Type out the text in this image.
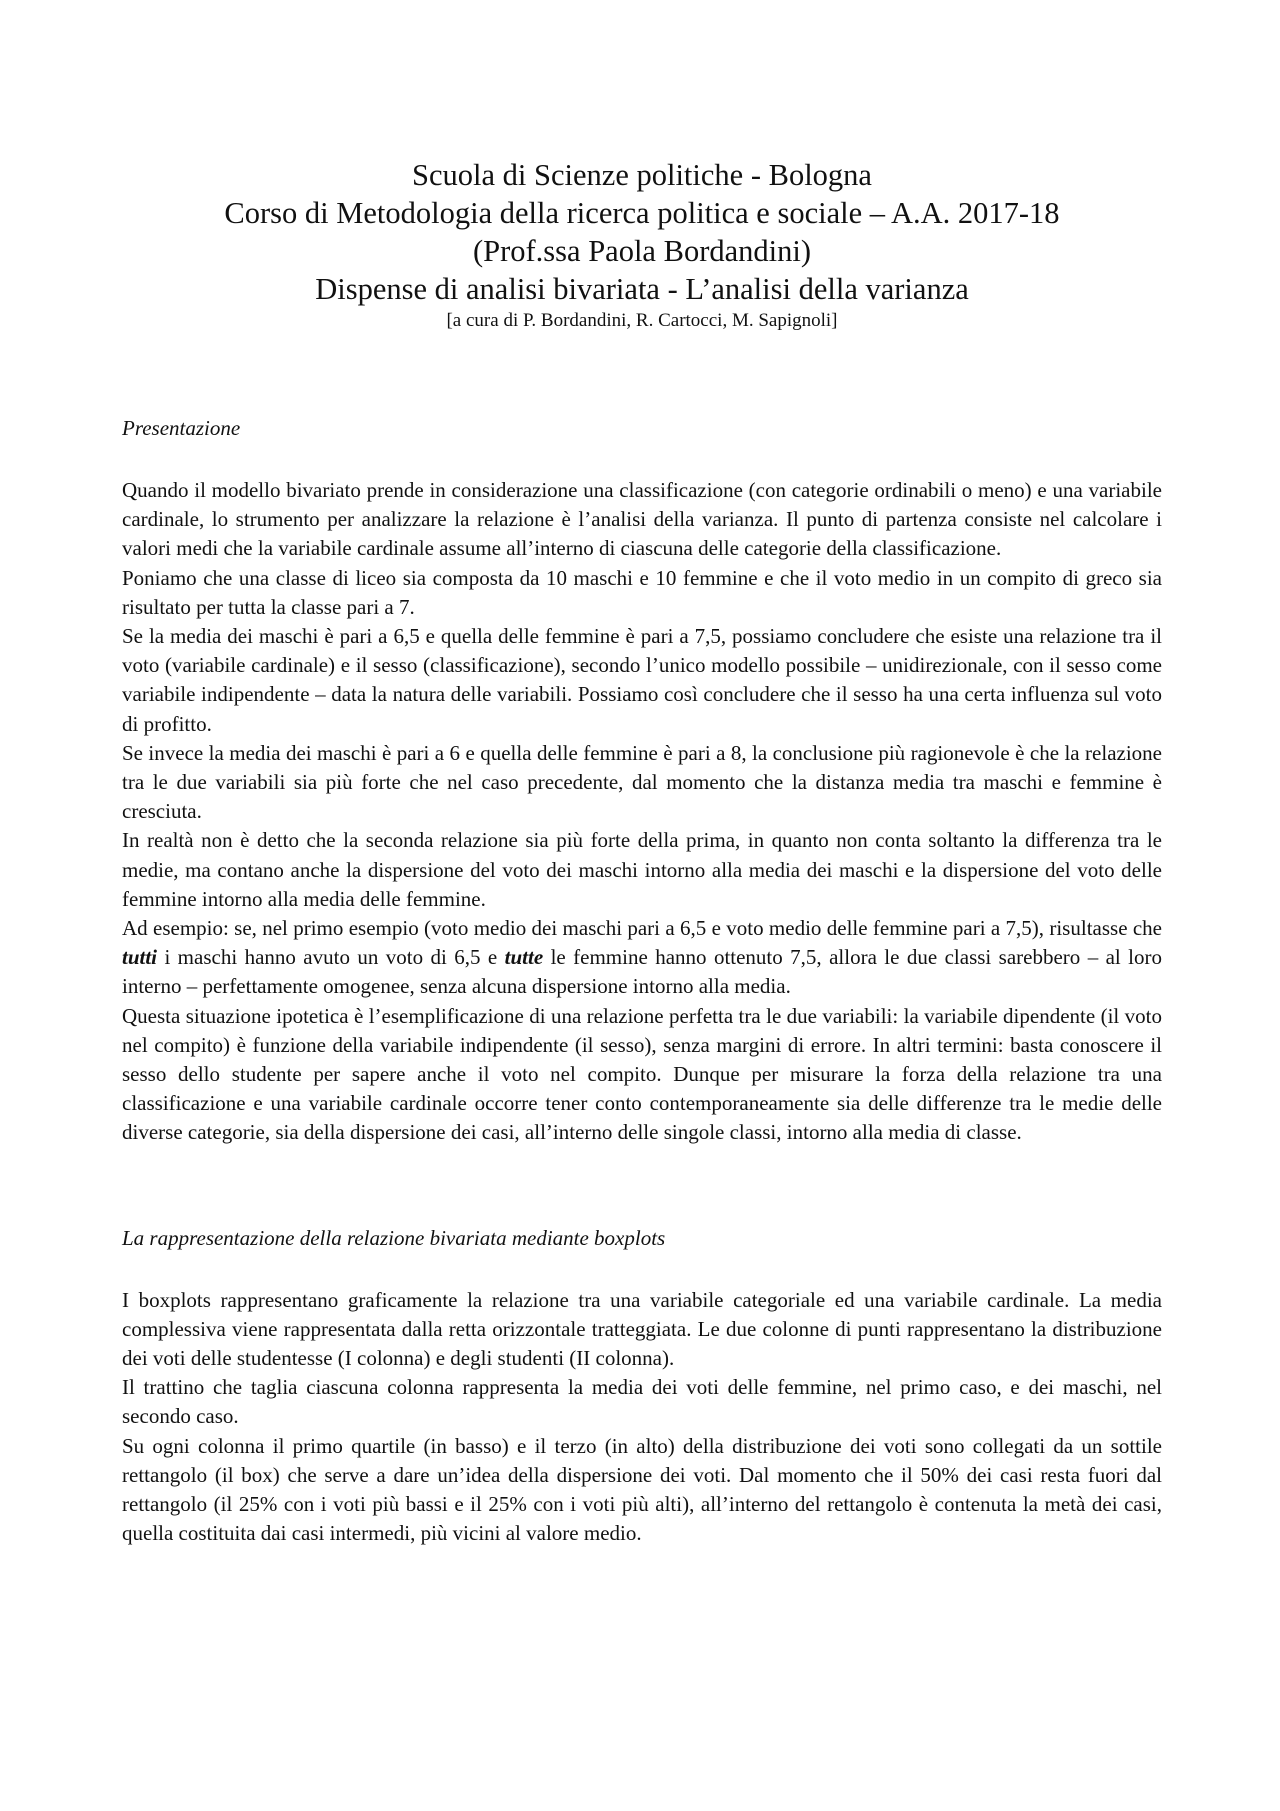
Scuola di Scienze politiche - Bologna

Corso di Metodologia della ricerca politica e sociale – A.A. 2017-18

(Prof.ssa Paola Bordandini)

Dispense di analisi bivariata - L’analisi della varianza

[a cura di P. Bordandini, R. Cartocci, M. Sapignoli]

Presentazione

Quando il modello bivariato prende in considerazione una classificazione (con categorie ordinabili o meno) e una variabile cardinale, lo strumento per analizzare la relazione è l’analisi della varianza. Il punto di partenza consiste nel calcolare i valori medi che la variabile cardinale assume all’interno di ciascuna delle categorie della classificazione.

Poniamo che una classe di liceo sia composta da 10 maschi e 10 femmine e che il voto medio in un compito di greco sia risultato per tutta la classe pari a 7.

Se la media dei maschi è pari a 6,5 e quella delle femmine è pari a 7,5, possiamo concludere che esiste una relazione tra il voto (variabile cardinale) e il sesso (classificazione), secondo l’unico modello possibile – unidirezionale, con il sesso come variabile indipendente – data la natura delle variabili. Possiamo così concludere che il sesso ha una certa influenza sul voto di profitto.

Se invece la media dei maschi è pari a 6 e quella delle femmine è pari a 8, la conclusione più ragionevole è che la relazione tra le due variabili sia più forte che nel caso precedente, dal momento che la distanza media tra maschi e femmine è cresciuta.

In realtà non è detto che la seconda relazione sia più forte della prima, in quanto non conta soltanto la differenza tra le medie, ma contano anche la dispersione del voto dei maschi intorno alla media dei maschi e la dispersione del voto delle femmine intorno alla media delle femmine.

Ad esempio: se, nel primo esempio (voto medio dei maschi pari a 6,5 e voto medio delle femmine pari a 7,5), risultasse che tutti i maschi hanno avuto un voto di 6,5 e tutte le femmine hanno ottenuto 7,5, allora le due classi sarebbero – al loro interno – perfettamente omogenee, senza alcuna dispersione intorno alla media.

Questa situazione ipotetica è l’esemplificazione di una relazione perfetta tra le due variabili: la variabile dipendente (il voto nel compito) è funzione della variabile indipendente (il sesso), senza margini di errore. In altri termini: basta conoscere il sesso dello studente per sapere anche il voto nel compito. Dunque per misurare la forza della relazione tra una classificazione e una variabile cardinale occorre tener conto contemporaneamente sia delle differenze tra le medie delle diverse categorie, sia della dispersione dei casi, all’interno delle singole classi, intorno alla media di classe.

La rappresentazione della relazione bivariata mediante boxplots

I boxplots rappresentano graficamente la relazione tra una variabile categoriale ed una variabile cardinale. La media complessiva viene rappresentata dalla retta orizzontale tratteggiata. Le due colonne di punti rappresentano la distribuzione dei voti delle studentesse (I colonna) e degli studenti (II colonna).

Il trattino che taglia ciascuna colonna rappresenta la media dei voti delle femmine, nel primo caso, e dei maschi, nel secondo caso.

Su ogni colonna il primo quartile (in basso) e il terzo (in alto) della distribuzione dei voti sono collegati da un sottile rettangolo (il box) che serve a dare un’idea della dispersione dei voti. Dal momento che il 50% dei casi resta fuori dal rettangolo (il 25% con i voti più bassi e il 25% con i voti più alti), all’interno del rettangolo è contenuta la metà dei casi, quella costituita dai casi intermedi, più vicini al valore medio.
